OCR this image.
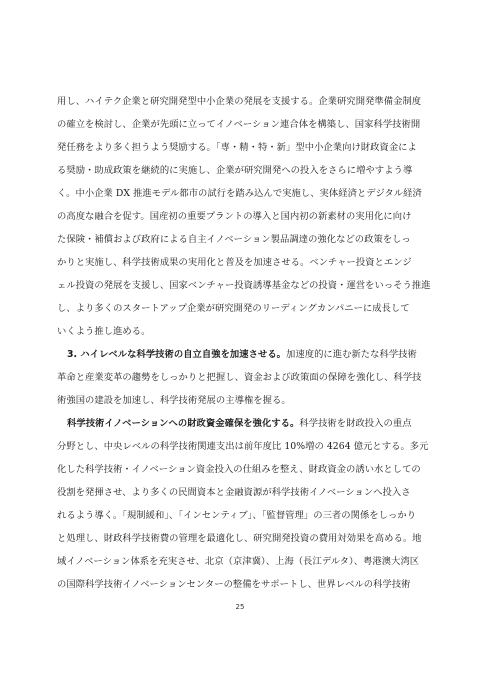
用し、ハイテク企業と研究開発型中小企業の発展を支援する。企業研究開発準備金制度
の確立を検討し、企業が先頭に立ってイノベーション連合体を構築し、国家科学技術開
発任務をより多く担うよう奨励する。「専・精・特・新」型中小企業向け財政資金によ
る奨励・助成政策を継続的に実施し、企業が研究開発への投入をさらに増やすよう導
く。中小企業 DX 推進モデル都市の試行を踏み込んで実施し、実体経済とデジタル経済
の高度な融合を促す。国産初の重要プラントの導入と国内初の新素材の実用化に向け
た保険・補償および政府による自主イノベーション製品調達の強化などの政策をしっ
かりと実施し、科学技術成果の実用化と普及を加速させる。ベンチャー投資とエンジ
ェル投資の発展を支援し、国家ベンチャー投資誘導基金などの投資・運営をいっそう推進
し、より多くのスタートアップ企業が研究開発のリーディングカンパニーに成長して
いくよう推し進める。
3. ハイレベルな科学技術の自立自強を加速させる。加速度的に進む新たな科学技術
革命と産業変革の趨勢をしっかりと把握し、資金および政策面の保障を強化し、科学技
術強国の建設を加速し、科学技術発展の主導権を握る。
科学技術イノベーションへの財政資金確保を強化する。科学技術を財政投入の重点
分野とし、中央レベルの科学技術関連支出は前年度比 10%増の 4264 億元とする。多元
化した科学技術・イノベーション資金投入の仕組みを整え、財政資金の誘い水としての
役割を発揮させ、より多くの民間資本と金融資源が科学技術イノベーションへ投入さ
れるよう導く。「規制緩和」、「インセンティブ」、「監督管理」の三者の関係をしっかり
と処理し、財政科学技術費の管理を最適化し、研究開発投資の費用対効果を高める。地
域イノベーション体系を充実させ、北京（京津冀）、上海（長江デルタ）、粤港澳大湾区
の国際科学技術イノベーションセンターの整備をサポートし、世界レベルの科学技術
25
